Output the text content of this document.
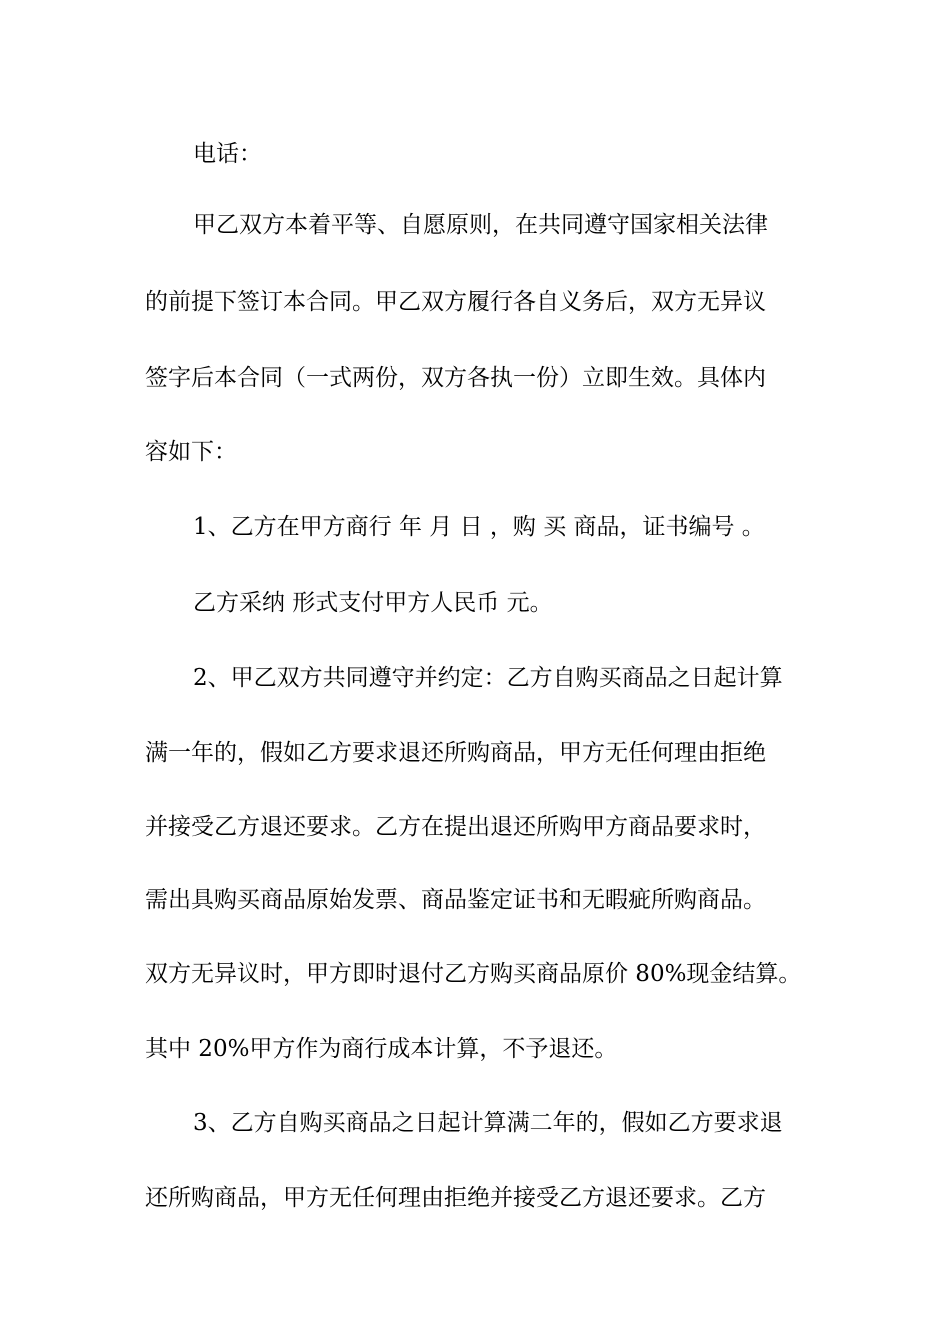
电话：
甲乙双方本着平等、自愿原则，在共同遵守国家相关法律
的前提下签订本合同。甲乙双方履行各自义务后，双方无异议
签字后本合同（一式两份，双方各执一份）立即生效。具体内
容如下：
1、乙方在甲方商行 年 月 日 ，购 买 商品，证书编号 。
乙方采纳 形式支付甲方人民币 元。
2、甲乙双方共同遵守并约定：乙方自购买商品之日起计算
满一年的，假如乙方要求退还所购商品，甲方无任何理由拒绝
并接受乙方退还要求。乙方在提出退还所购甲方商品要求时，
需出具购买商品原始发票、商品鉴定证书和无暇疵所购商品。
双方无异议时，甲方即时退付乙方购买商品原价 80%现金结算。
其中 20%甲方作为商行成本计算，不予退还。
3、乙方自购买商品之日起计算满二年的，假如乙方要求退
还所购商品，甲方无任何理由拒绝并接受乙方退还要求。乙方
